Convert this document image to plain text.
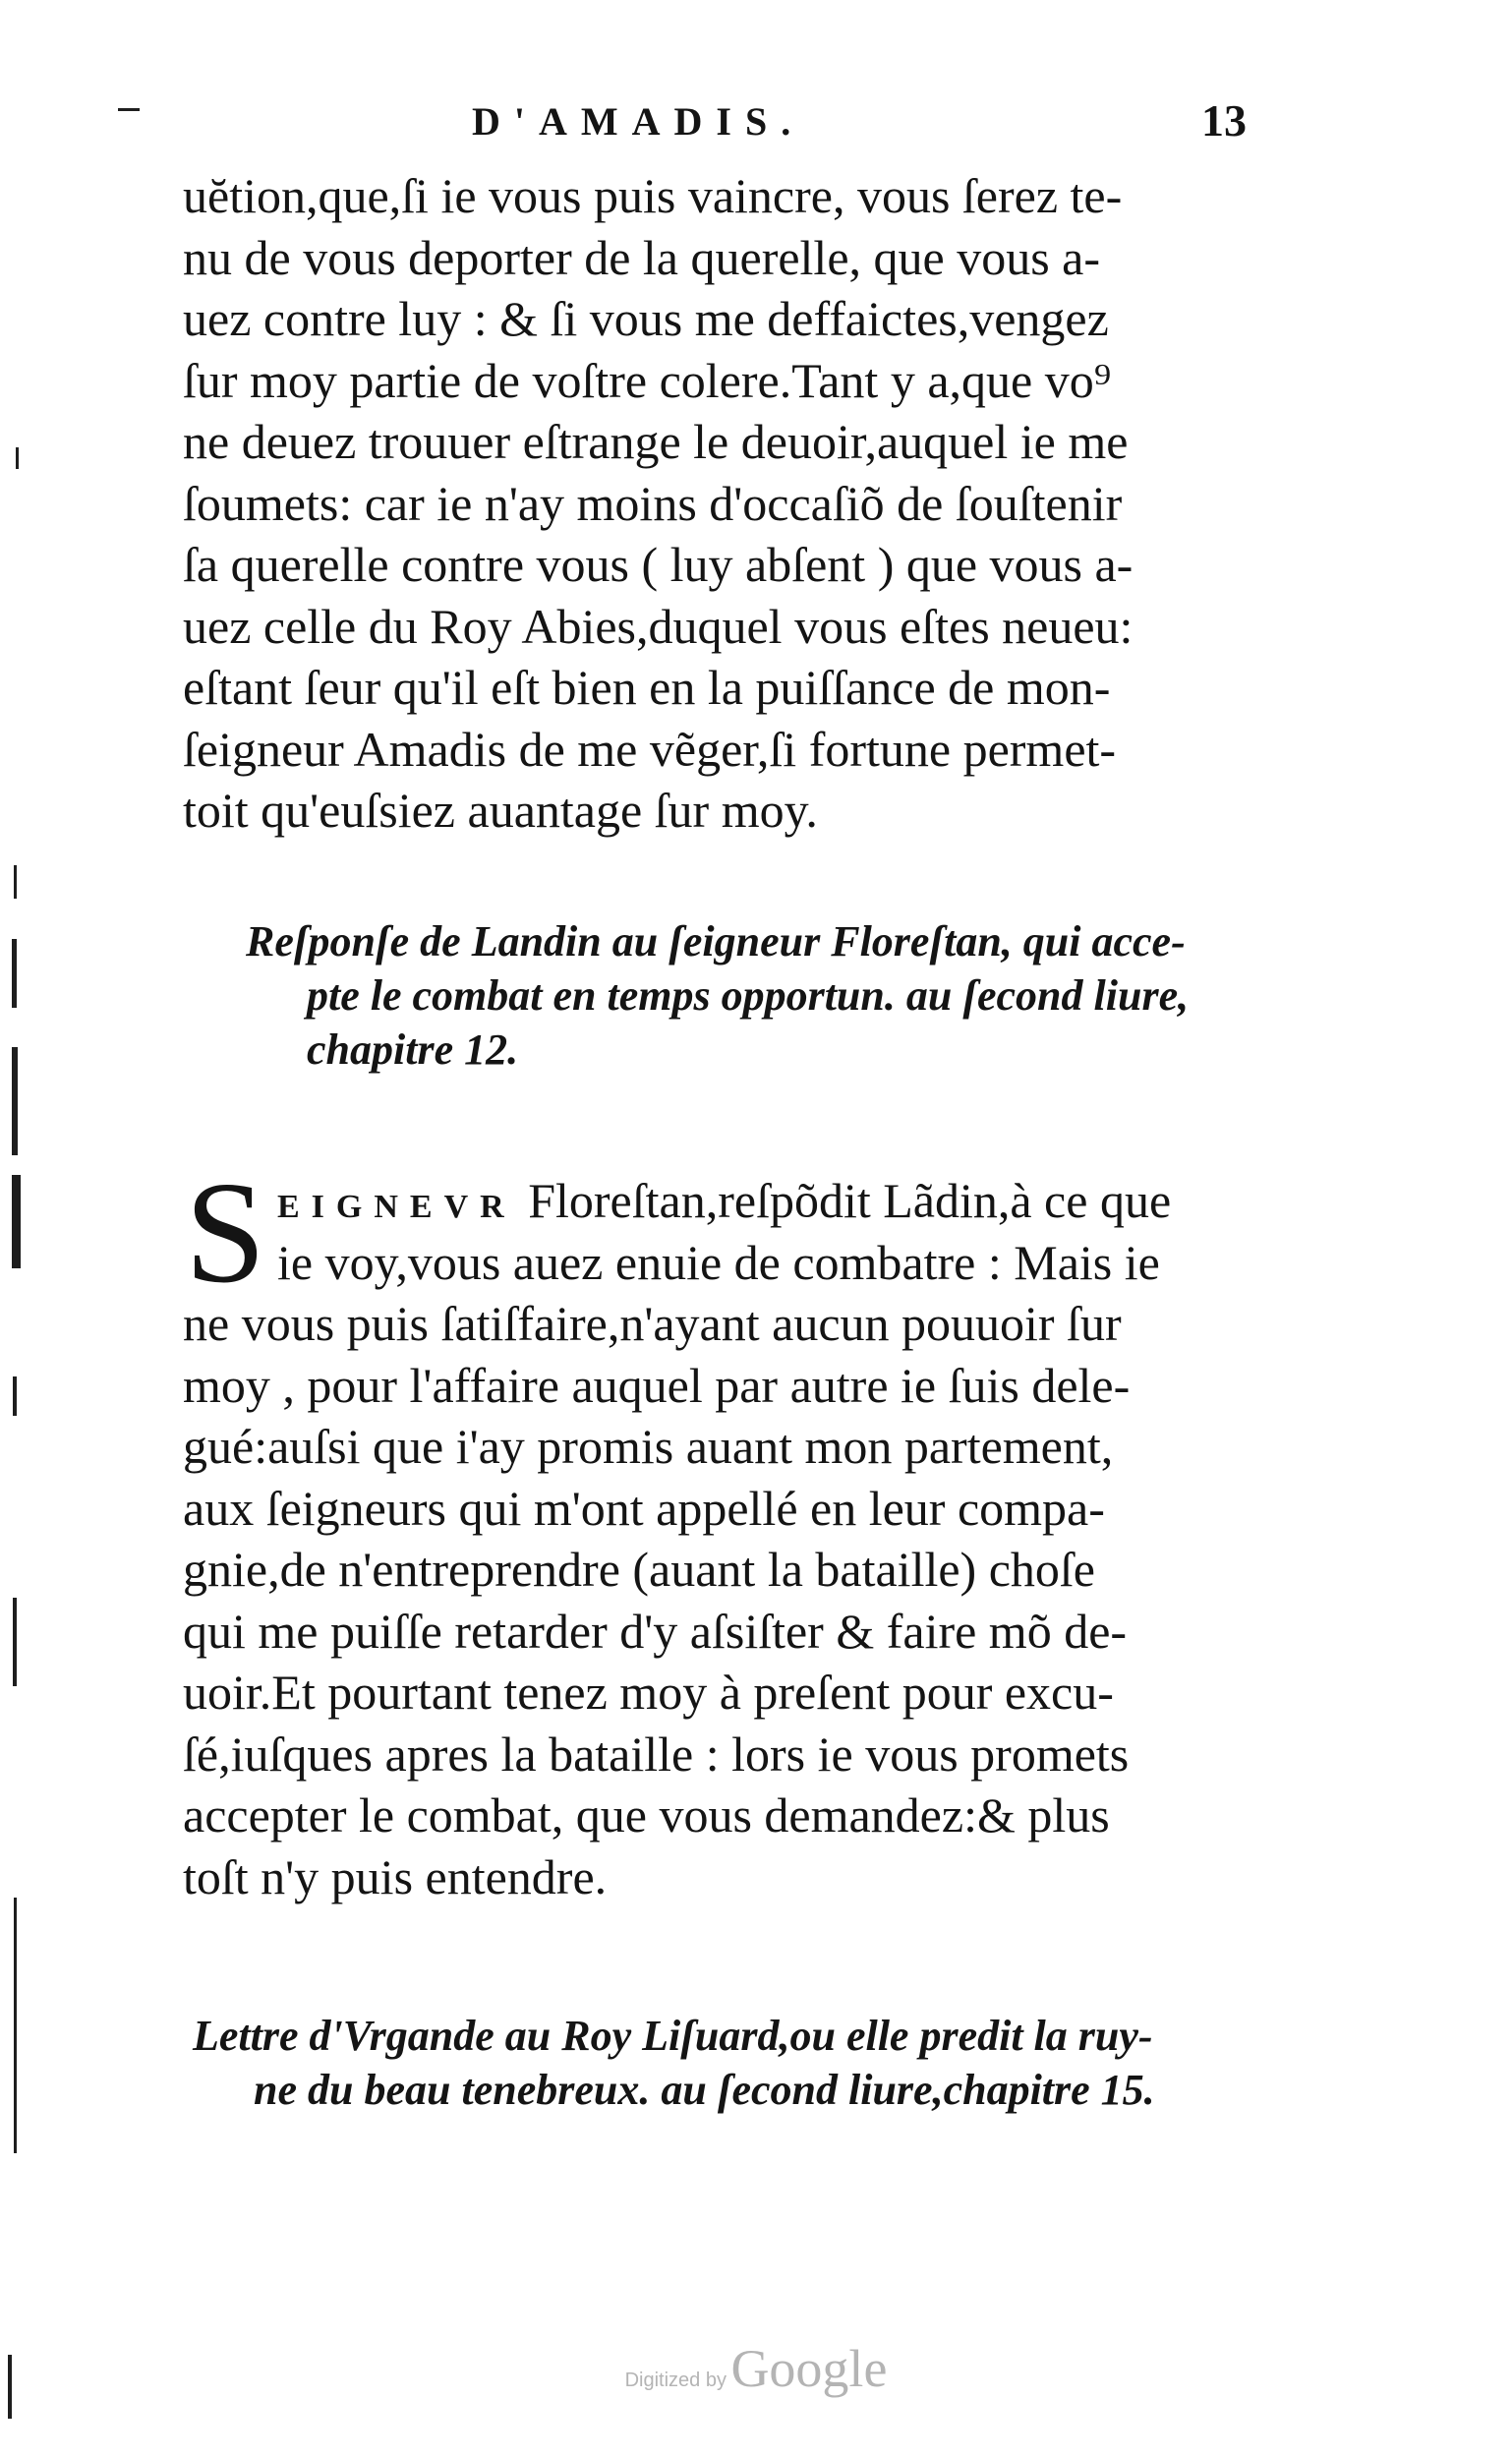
D'AMADIS.	13
uĕtion,que,ſi ie vous puis vaincre, vous ſerez te-
nu de vous deporter de la querelle, que vous a-
uez contre luy : & ſi vous me deffaictes,vengez
ſur moy partie de voſtre colere.Tant y a,que vo⁹
ne deuez trouuer eſtrange le deuoir,auquel ie me
ſoumets: car ie n'ay moins d'occaſiõ de ſouſtenir
ſa querelle contre vous ( luy abſent ) que vous a-
uez celle du Roy Abies,duquel vous eſtes neueu:
eſtant ſeur qu'il eſt bien en la puiſſance de mon-
ſeigneur Amadis de me vẽger,ſi fortune permet-
toit qu'euſsiez auantage ſur moy.
Reſponſe de Landin au ſeigneur Floreſtan, qui acce-
pte le combat en temps opportun. au ſecond liure,
chapitre 12.
S EIGNEVR Floreſtan,reſpõdit Lãdin,à ce que
ie voy,vous auez enuie de combatre : Mais ie
ne vous puis ſatiſfaire,n'ayant aucun pouuoir ſur
moy , pour l'affaire auquel par autre ie ſuis dele-
gué:auſsi que i'ay promis auant mon partement,
aux ſeigneurs qui m'ont appellé en leur compa-
gnie,de n'entreprendre (auant la bataille) choſe
qui me puiſſe retarder d'y aſsiſter & faire mõ de-
uoir.Et pourtant tenez moy à preſent pour excu-
ſé,iuſques apres la bataille : lors ie vous promets
accepter le combat, que vous demandez:& plus
toſt n'y puis entendre.
Lettre d'Vrgande au Roy Liſuard,ou elle predit la ruy-
ne du beau tenebreux. au ſecond liure,chapitre 15.
Digitized by Google
